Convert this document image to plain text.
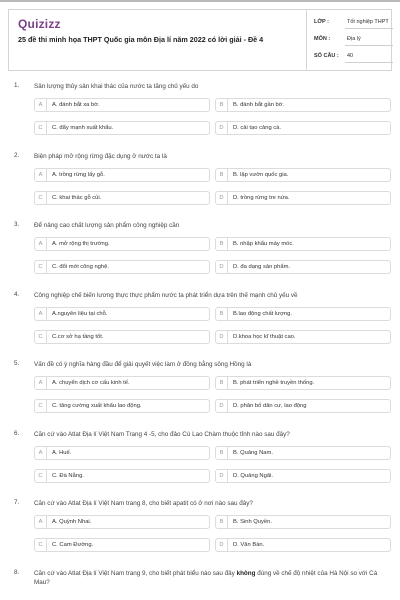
Quizizz
25 đề thi minh họa THPT Quốc gia môn Địa lí năm 2022 có lời giải - Đề 4
LỚP :	Tốt nghiệp THPT
MÔN :	Địa lý
SỐ CÂU : 40
1. Sản lượng thủy sản khai thác của nước ta tăng chủ yếu do
A	A. đánh bắt xa bờ.	B	B. đánh bắt gần bờ.
C	C. đẩy mạnh xuất khẩu.	D	D. cải tạo cảng cá.
2. Biện pháp mở rộng rừng đặc dụng ở nước ta là
A	A. trồng rừng lấy gỗ.	B	B. lập vườn quốc gia.
C	C. khai thác gỗ củi.	D	D. trồng rừng tre nứa.
3. Để nâng cao chất lượng sản phẩm công nghiệp cần
A	A. mở rộng thị trường.	B	B. nhập khẩu máy móc.
C	C. đổi mới công nghệ.	D	D. đa dạng sản phẩm.
4. Công nghiệp chế biến lương thực thực phẩm nước ta phát triển dựa trên thế mạnh chủ yếu về
A	A.nguyên liệu tại chỗ.	B	B.lao động chất lượng.
C	C.cơ sở hạ tầng tốt.	D	D.khoa học kĩ thuật cao.
5. Vấn đề có ý nghĩa hàng đầu để giải quyết việc làm ở đồng bằng sông Hồng là
A	A. chuyển dịch cơ cấu kinh tế.	B	B. phát triển nghề truyền thống.
C	C. tăng cường xuất khẩu lao động.	D	D. phân bố dân cư, lao động
6. Căn cứ vào Atlat Địa lí Việt Nam Trang 4 -5, cho đảo Cù Lao Chàm thuộc tỉnh nào sau đây?
A	A. Huế.	B	B. Quảng Nam.
C	C. Đà Nẵng.	D	D. Quảng Ngãi.
7. Căn cứ vào Atlat Địa lí Việt Nam trang 8, cho biết apatit có ở nơi nào sau đây?
A	A. Quỳnh Nhai.	B	B. Sinh Quyền.
C	C. Cam Đường.	D	D. Văn Bàn.
8. Căn cứ vào Atlat Địa lí Việt Nam trang 9, cho biết phát biểu nào sau đây không đúng về chế độ nhiệt của Hà Nội so với Cà Mau?
